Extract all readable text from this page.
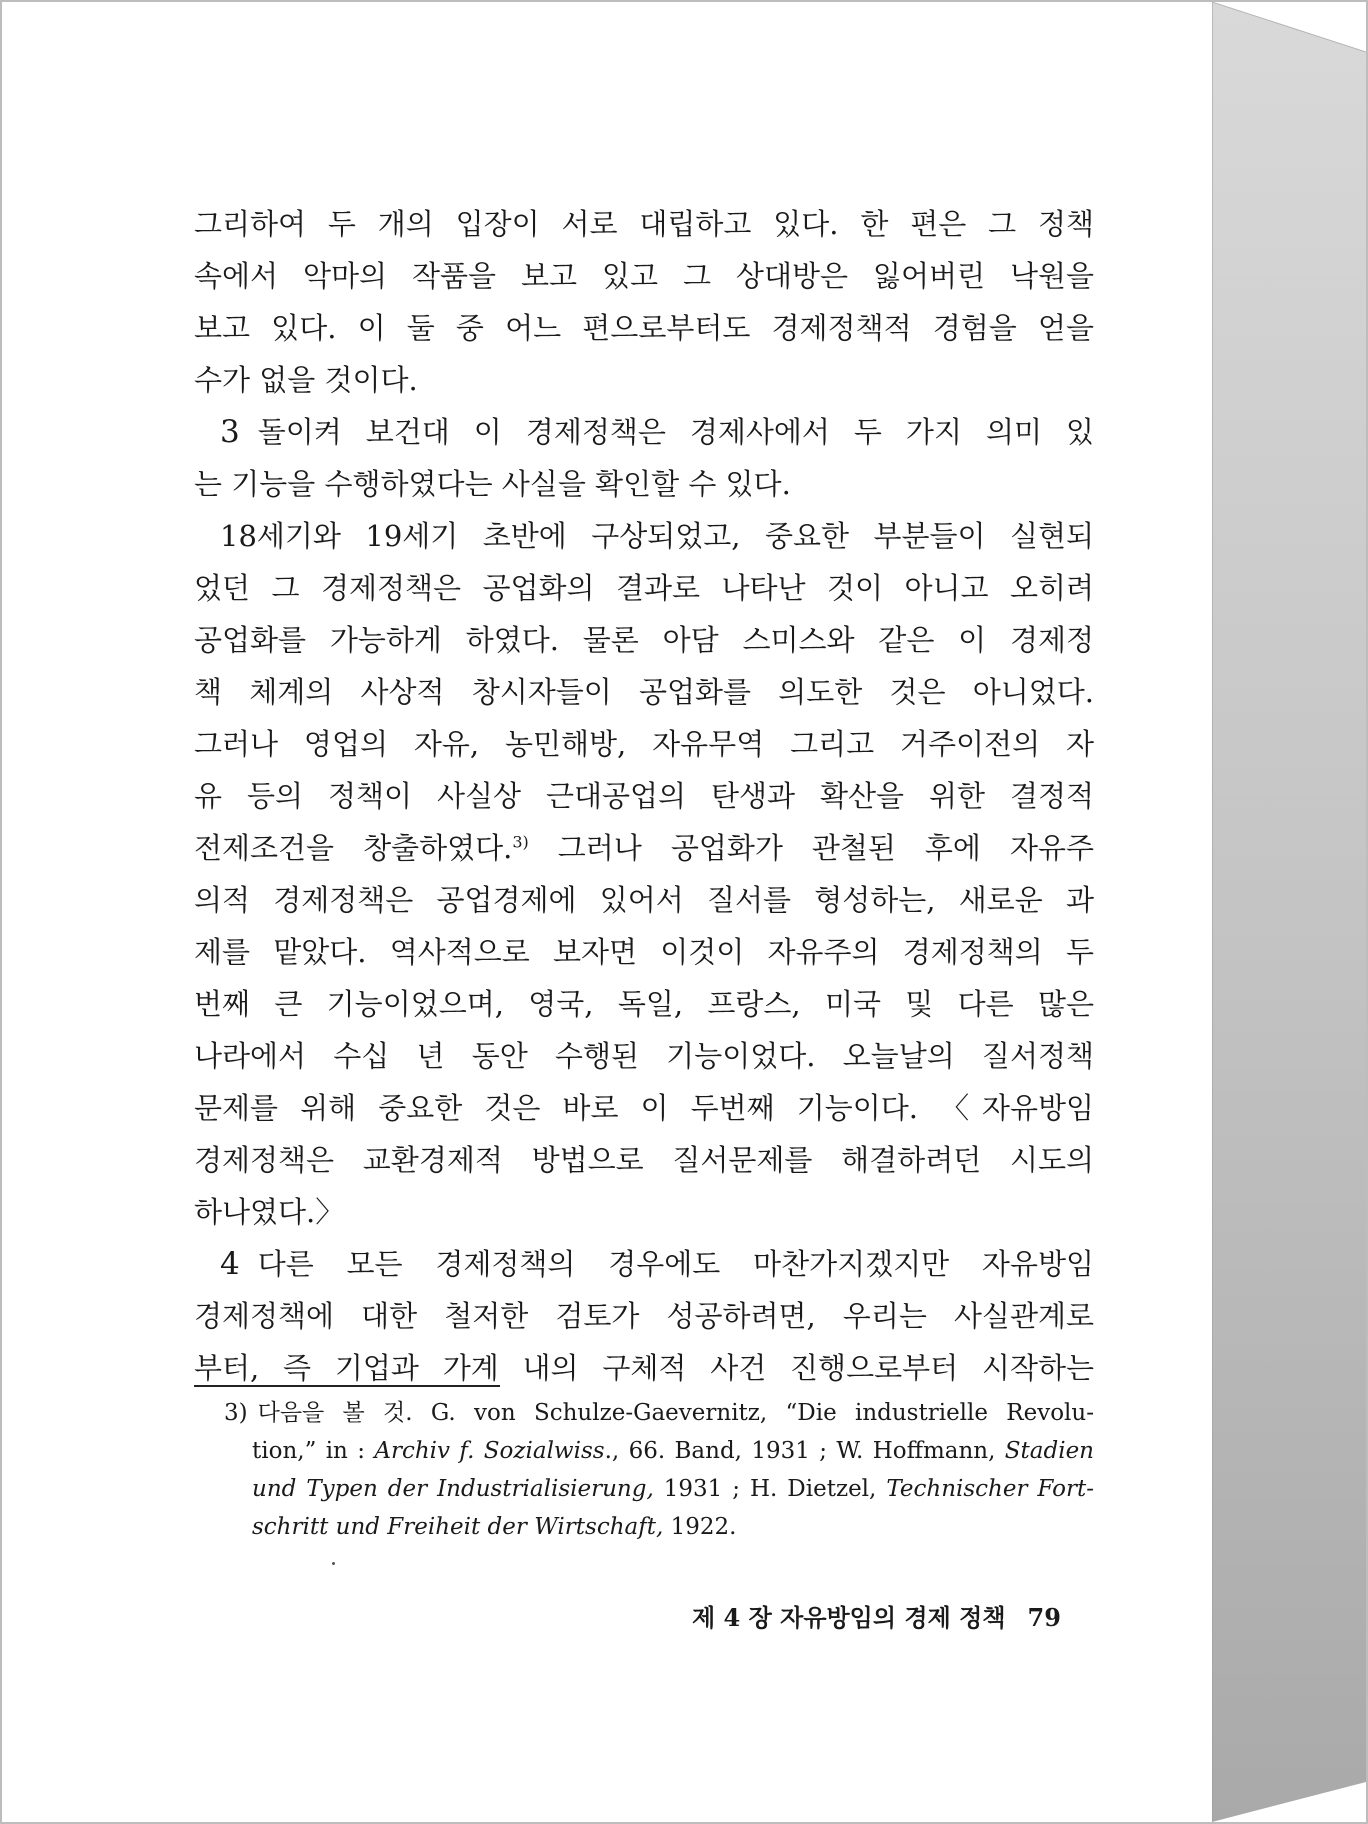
그리하여 두 개의 입장이 서로 대립하고 있다. 한 편은 그 정책
속에서 악마의 작품을 보고 있고 그 상대방은 잃어버린 낙원을
보고 있다. 이 둘 중 어느 편으로부터도 경제정책적 경험을 얻을
수가 없을 것이다.

3 돌이켜 보건대 이 경제정책은 경제사에서 두 가지 의미 있
는 기능을 수행하였다는 사실을 확인할 수 있다.

18세기와 19세기 초반에 구상되었고, 중요한 부분들이 실현되
었던 그 경제정책은 공업화의 결과로 나타난 것이 아니고 오히려
공업화를 가능하게 하였다. 물론 아담 스미스와 같은 이 경제정
책 체계의 사상적 창시자들이 공업화를 의도한 것은 아니었다.
그러나 영업의 자유, 농민해방, 자유무역 그리고 거주이전의 자
유 등의 정책이 사실상 근대공업의 탄생과 확산을 위한 결정적
전제조건을 창출하였다.$^{3)}$ 그러나 공업화가 관철된 후에 자유주
의적 경제정책은 공업경제에 있어서 질서를 형성하는, 새로운 과
제를 맡았다. 역사적으로 보자면 이것이 자유주의 경제정책의 두
번째 큰 기능이었으며, 영국, 독일, 프랑스, 미국 및 다른 많은
나라에서 수십 년 동안 수행된 기능이었다. 오늘날의 질서정책
문제를 위해 중요한 것은 바로 이 두번째 기능이다. 〈자유방임
경제정책은 교환경제적 방법으로 질서문제를 해결하려던 시도의
하나였다.〉

4 다른 모든 경제정책의 경우에도 마찬가지겠지만 자유방임
경제정책에 대한 철저한 검토가 성공하려면, 우리는 사실관계로
부터, 즉 기업과 가계 내의 구체적 사건 진행으로부터 시작하는

3) 다음을 볼 것. G. von Schulze-Gaevernitz, “Die industrielle Revolu-
tion,” in : Archiv f. Sozialwiss., 66. Band, 1931 ; W. Hoffmann, Stadien
und Typen der Industrialisierung, 1931 ; H. Dietzel, Technischer Fort-
schritt und Freiheit der Wirtschaft, 1922.
제 4 장 자유방임의 경제 정책 79
